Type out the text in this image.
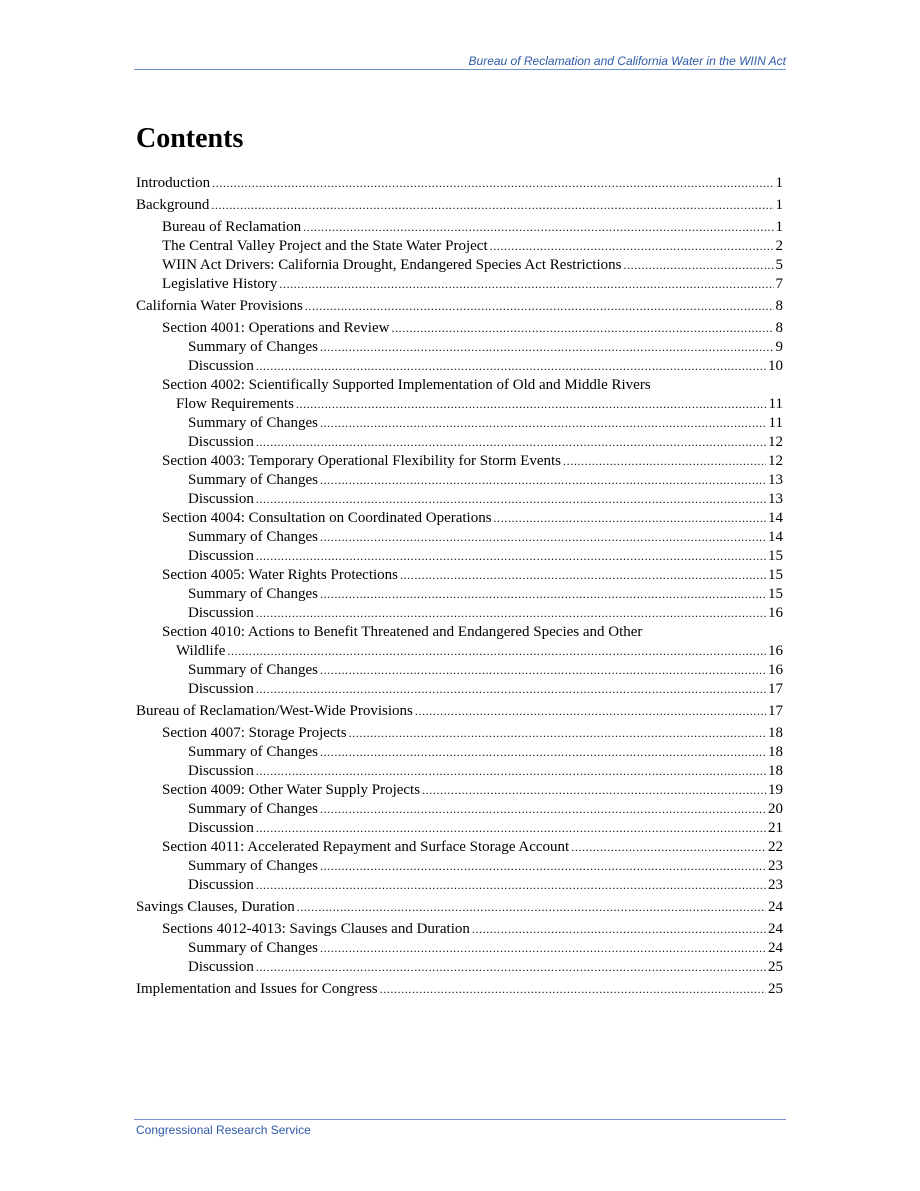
Bureau of Reclamation and California Water in the WIIN Act
Contents
Introduction . . .	1
Background . . .	1
Bureau of Reclamation . . .	1
The Central Valley Project and the State Water Project . . .	2
WIIN Act Drivers: California Drought, Endangered Species Act Restrictions . . .	5
Legislative History . . .	7
California Water Provisions . . .	8
Section 4001: Operations and Review . . .	8
Summary of Changes . . .	9
Discussion . . .	10
Section 4002: Scientifically Supported Implementation of Old and Middle Rivers
Flow Requirements . . .	11
Summary of Changes . . .	11
Discussion . . .	12
Section 4003: Temporary Operational Flexibility for Storm Events . . .	12
Summary of Changes . . .	13
Discussion . . .	13
Section 4004: Consultation on Coordinated Operations . . .	14
Summary of Changes . . .	14
Discussion . . .	15
Section 4005: Water Rights Protections . . .	15
Summary of Changes . . .	15
Discussion . . .	16
Section 4010: Actions to Benefit Threatened and Endangered Species and Other
Wildlife . . .	16
Summary of Changes . . .	16
Discussion . . .	17
Bureau of Reclamation/West-Wide Provisions . . .	17
Section 4007: Storage Projects . . .	18
Summary of Changes . . .	18
Discussion . . .	18
Section 4009: Other Water Supply Projects . . .	19
Summary of Changes . . .	20
Discussion . . .	21
Section 4011: Accelerated Repayment and Surface Storage Account . . .	22
Summary of Changes . . .	23
Discussion . . .	23
Savings Clauses, Duration . . .	24
Sections 4012-4013: Savings Clauses and Duration . . .	24
Summary of Changes . . .	24
Discussion . . .	25
Implementation and Issues for Congress . . .	25
Congressional Research Service
